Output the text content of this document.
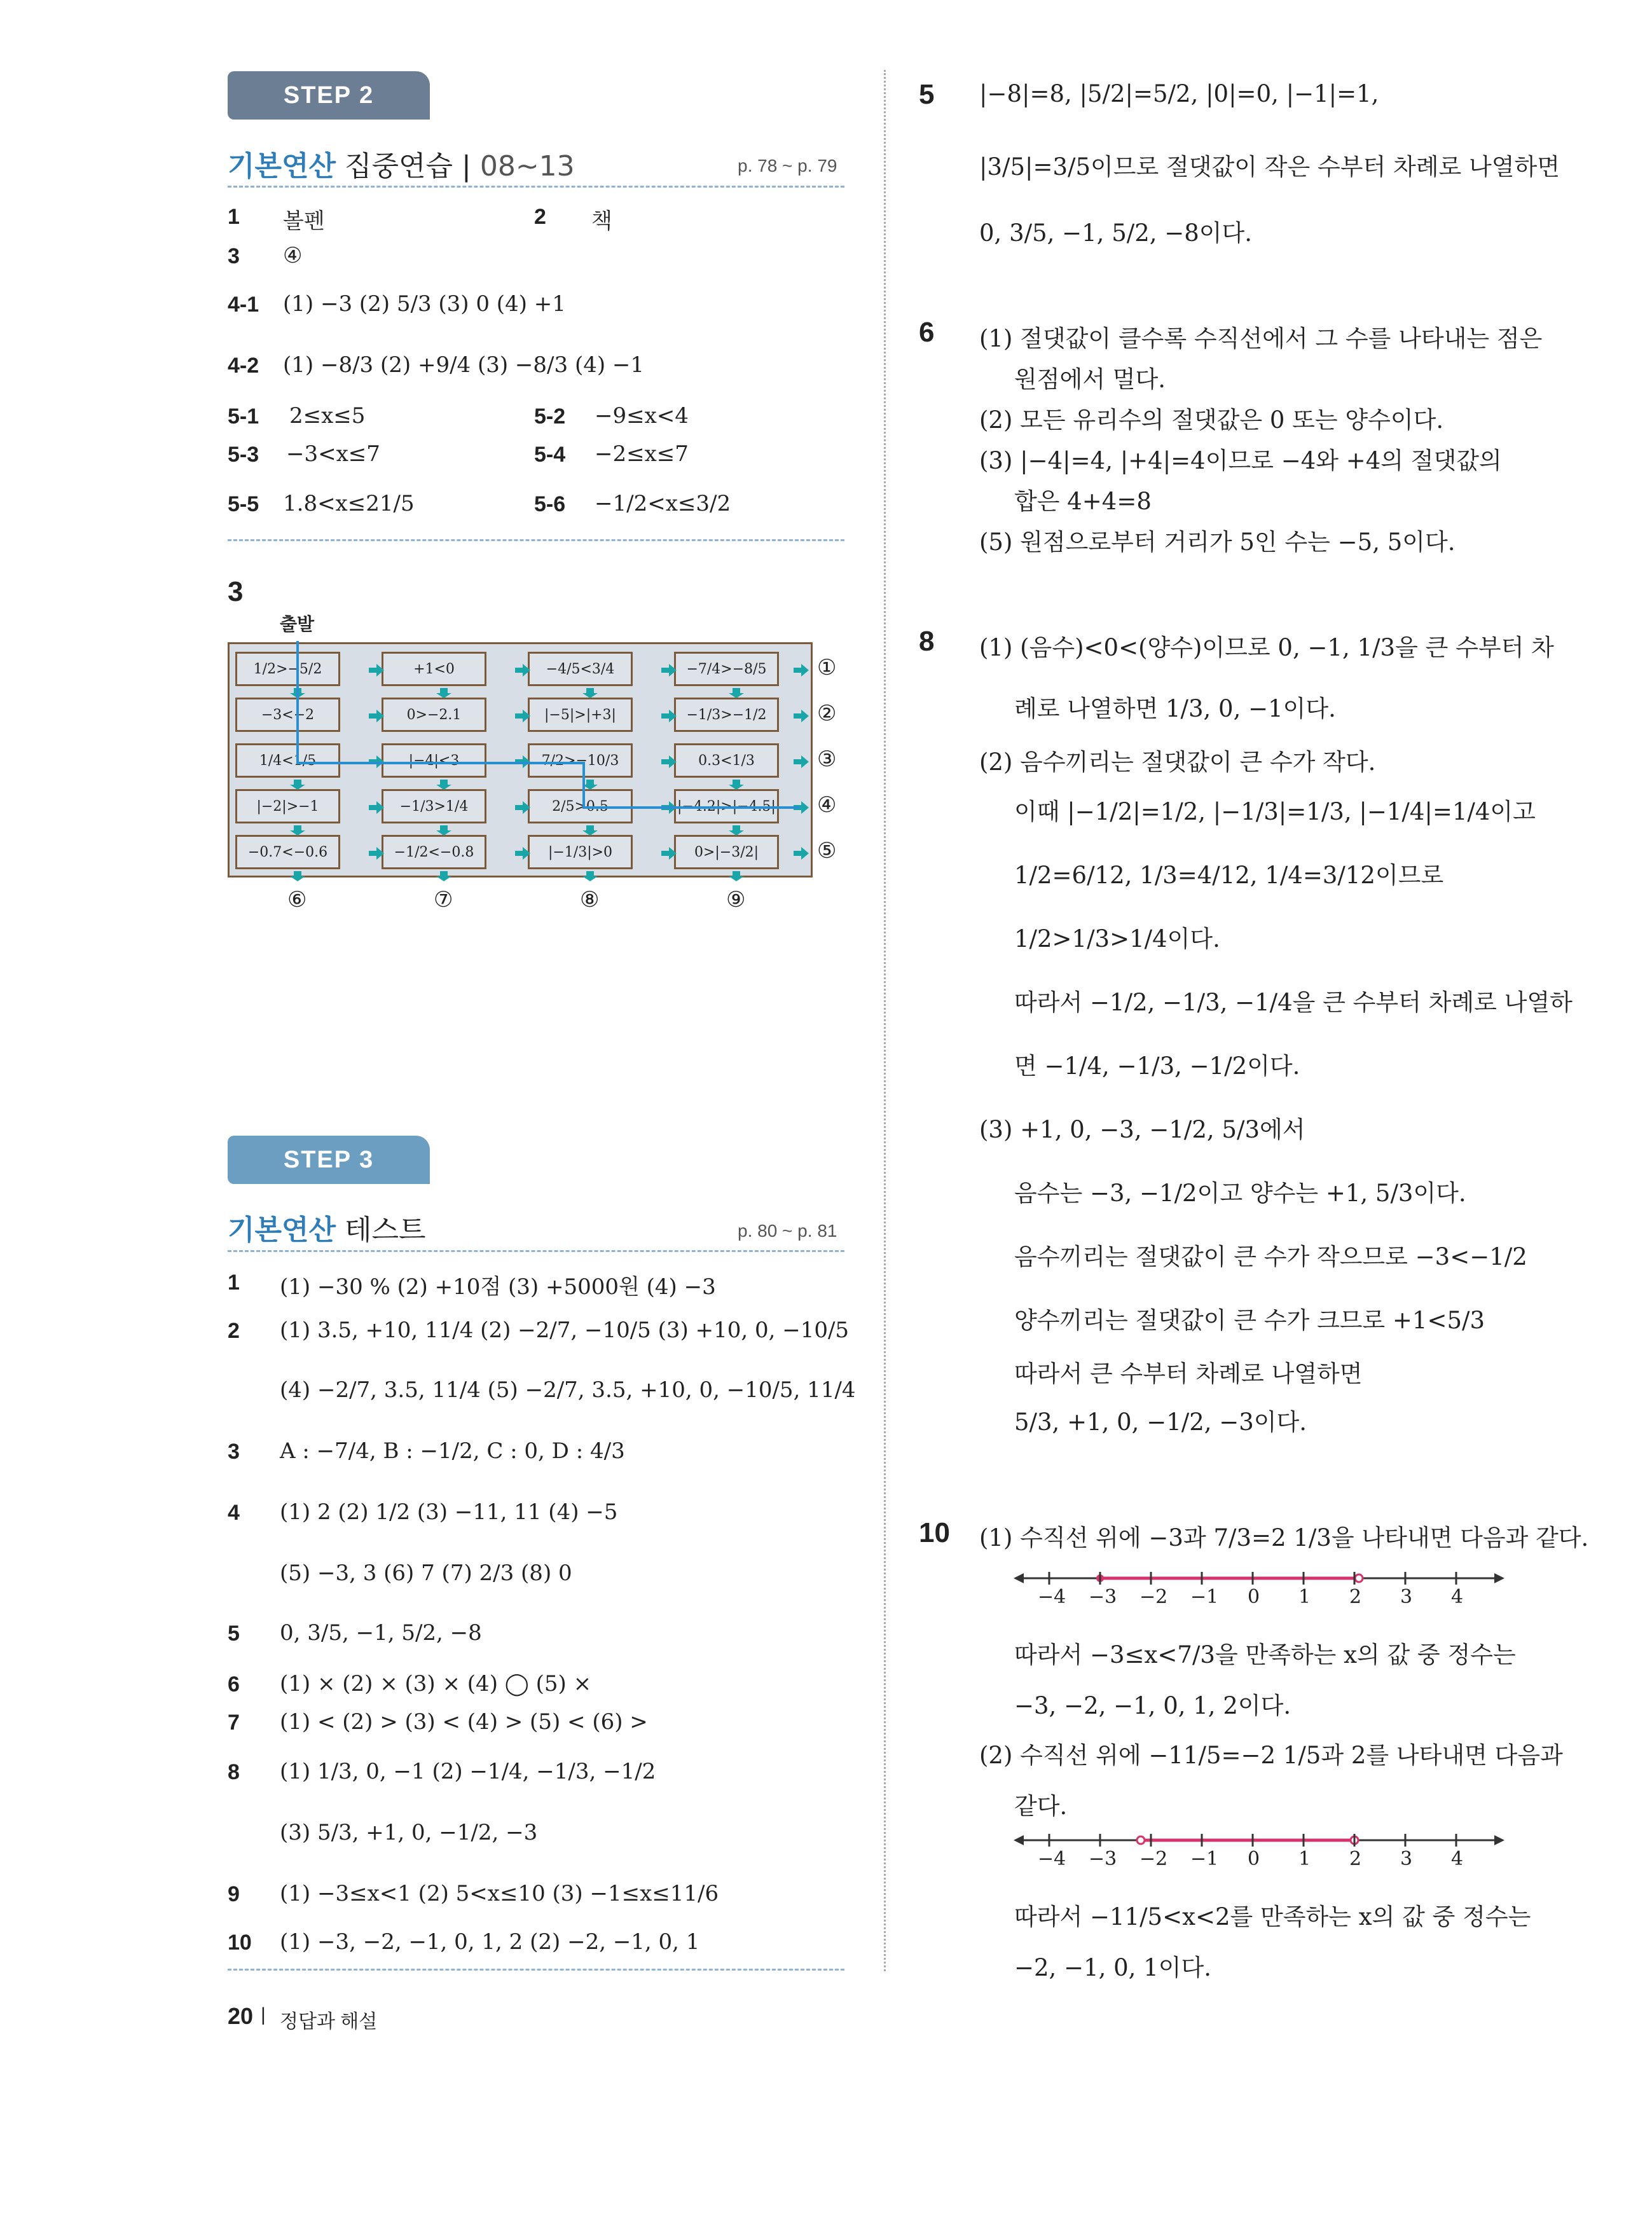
STEP 2
기본연산 집중연습 | 08~13	p. 78 ~ p. 79
1 볼펜	2 책
3 ④
4-1 (1) −3 (2) 5/3 (3) 0 (4) +1
4-2 (1) −8/3 (2) +9/4 (3) −8/3 (4) −1
5-1 2≤x≤5	5-2 −9≤x<4
5-3 −3<x≤7	5-4 −2≤x≤7
5-5 1.8<x≤21/5	5-6 −1/2<x≤3/2
3
출발
1/2>−5/2	+1<0	−4/5<3/4	−7/4>−8/5
−3<−2	0>−2.1	|−5|>|+3|	−1/3>−1/2
1/4<1/5	|−4|<3	7/2>−10/3	0.3<1/3
|−2|>−1	−1/3>1/4	2/5>0.5	|−4.2|>|−4.5|
−0.7<−0.6	−1/2<−0.8	|−1/3|>0	0>|−3/2|
①
②
③
④
⑤
⑥	⑦	⑧	⑨
STEP 3
기본연산 테스트	p. 80 ~ p. 81
1 (1) −30 % (2) +10점 (3) +5000원 (4) −3
2 (1) 3.5, +10, 11/4 (2) −2/7, −10/5 (3) +10, 0, −10/5
(4) −2/7, 3.5, 11/4 (5) −2/7, 3.5, +10, 0, −10/5, 11/4
3 A : −7/4, B : −1/2, C : 0, D : 4/3
4 (1) 2 (2) 1/2 (3) −11, 11 (4) −5
(5) −3, 3 (6) 7 (7) 2/3 (8) 0
5 0, 3/5, −1, 5/2, −8
6 (1) × (2) × (3) × (4) ◯ (5) ×
7 (1) < (2) > (3) < (4) > (5) < (6) >
8 (1) 1/3, 0, −1 (2) −1/4, −1/3, −1/2
(3) 5/3, +1, 0, −1/2, −3
9 (1) −3≤x<1 (2) 5<x≤10 (3) −1≤x≤11/6
10 (1) −3, −2, −1, 0, 1, 2 (2) −2, −1, 0, 1
5 |−8|=8, |5/2|=5/2, |0|=0, |−1|=1,
|3/5|=3/5이므로 절댓값이 작은 수부터 차례로 나열하면
0, 3/5, −1, 5/2, −8이다.
6 (1) 절댓값이 클수록 수직선에서 그 수를 나타내는 점은
원점에서 멀다.
(2) 모든 유리수의 절댓값은 0 또는 양수이다.
(3) |−4|=4, |+4|=4이므로 −4와 +4의 절댓값의
합은 4+4=8
(5) 원점으로부터 거리가 5인 수는 −5, 5이다.
8 (1) (음수)<0<(양수)이므로 0, −1, 1/3을 큰 수부터 차
례로 나열하면 1/3, 0, −1이다.
(2) 음수끼리는 절댓값이 큰 수가 작다.
이때 |−1/2|=1/2, |−1/3|=1/3, |−1/4|=1/4이고
1/2=6/12, 1/3=4/12, 1/4=3/12이므로
1/2>1/3>1/4이다.
따라서 −1/2, −1/3, −1/4을 큰 수부터 차례로 나열하
면 −1/4, −1/3, −1/2이다.
(3) +1, 0, −3, −1/2, 5/3에서
음수는 −3, −1/2이고 양수는 +1, 5/3이다.
음수끼리는 절댓값이 큰 수가 작으므로 −3<−1/2
양수끼리는 절댓값이 큰 수가 크므로 +1<5/3
따라서 큰 수부터 차례로 나열하면
5/3, +1, 0, −1/2, −3이다.
10 (1) 수직선 위에 −3과 7/3=2 1/3을 나타내면 다음과 같다.
−4 −3 −2 −1 0 1 2 3 4
따라서 −3≤x<7/3을 만족하는 x의 값 중 정수는
−3, −2, −1, 0, 1, 2이다.
(2) 수직선 위에 −11/5=−2 1/5과 2를 나타내면 다음과
같다.
−4 −3 −2 −1 0 1 2 3 4
따라서 −11/5<x<2를 만족하는 x의 값 중 정수는
−2, −1, 0, 1이다.
20 | 정답과 해설
